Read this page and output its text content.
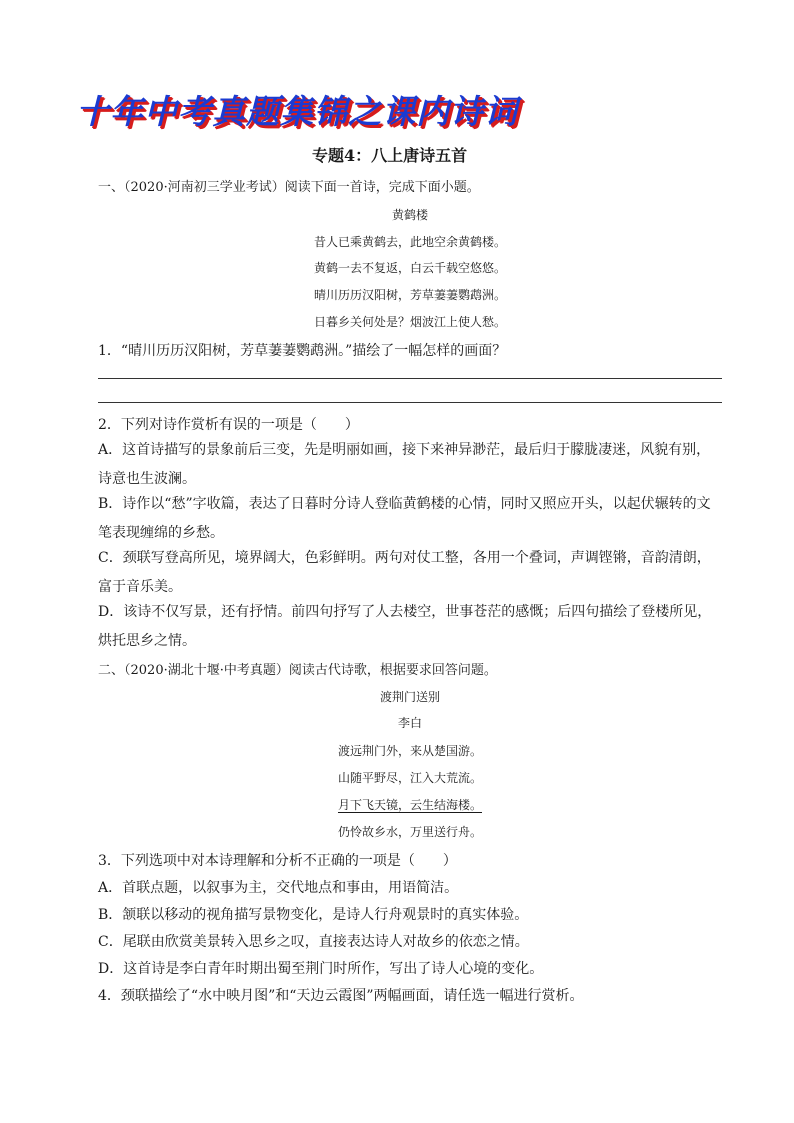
十年中考真题集锦之课内诗词
专题4：八上唐诗五首
一、（2020·河南初三学业考试）阅读下面一首诗，完成下面小题。
黄鹤楼
昔人已乘黄鹤去，此地空余黄鹤楼。
黄鹤一去不复返，白云千载空悠悠。
晴川历历汉阳树，芳草萋萋鹦鹉洲。
日暮乡关何处是？烟波江上使人愁。
1．“晴川历历汉阳树，芳草萋萋鹦鹉洲。”描绘了一幅怎样的画面？
2．下列对诗作赏析有误的一项是（　　）
A．这首诗描写的景象前后三变，先是明丽如画，接下来神异渺茫，最后归于朦胧凄迷，风貌有别，诗意也生波澜。
B．诗作以“愁”字收篇，表达了日暮时分诗人登临黄鹤楼的心情，同时又照应开头，以起伏辗转的文笔表现缠绵的乡愁。
C．颈联写登高所见，境界阔大，色彩鲜明。两句对仗工整，各用一个叠词，声调铿锵，音韵清朗，富于音乐美。
D．该诗不仅写景，还有抒情。前四句抒写了人去楼空，世事苍茫的感慨；后四句描绘了登楼所见，烘托思乡之情。
二、（2020·湖北十堰·中考真题）阅读古代诗歌，根据要求回答问题。
渡荆门送别
李白
渡远荆门外，来从楚国游。
山随平野尽，江入大荒流。
月下飞天镜，云生结海楼。
仍怜故乡水，万里送行舟。
3．下列选项中对本诗理解和分析不正确的一项是（　　）
A．首联点题，以叙事为主，交代地点和事由，用语简洁。
B．颔联以移动的视角描写景物变化，是诗人行舟观景时的真实体验。
C．尾联由欣赏美景转入思乡之叹，直接表达诗人对故乡的依恋之情。
D．这首诗是李白青年时期出蜀至荆门时所作，写出了诗人心境的变化。
4．颈联描绘了“水中映月图”和“天边云霞图”两幅画面，请任选一幅进行赏析。
